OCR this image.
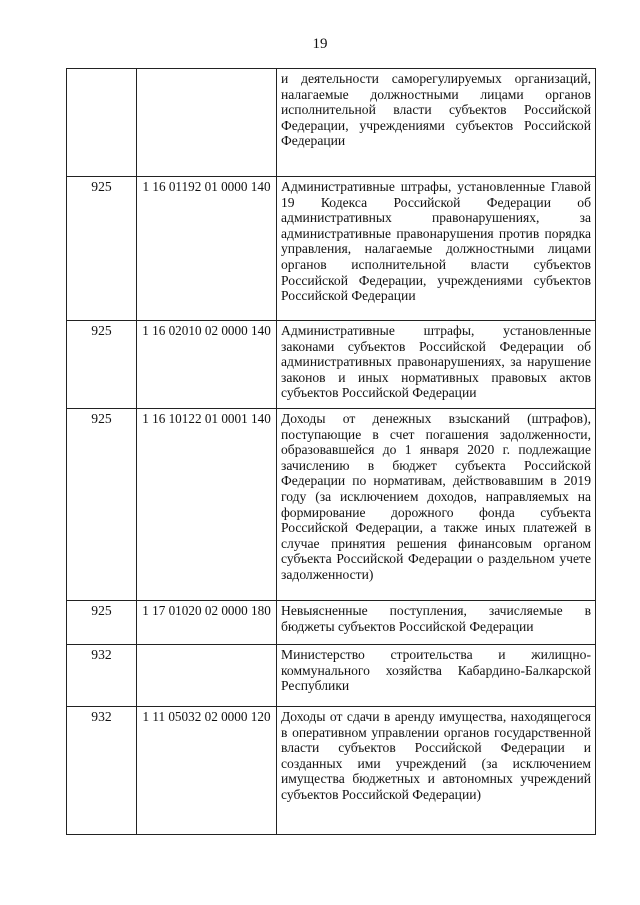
19
		и деятельности саморегулируемых организаций, налагаемые должностными лицами органов исполнительной власти субъектов Российской Федерации, учреждениями субъектов Российской Федерации
925	1 16 01192 01 0000 140	Административные штрафы, установленные Главой 19 Кодекса Российской Федерации об административных правонарушениях, за административные правонарушения против порядка управления, налагаемые должностными лицами органов исполнительной власти субъектов Российской Федерации, учреждениями субъектов Российской Федерации
925	1 16 02010 02 0000 140	Административные штрафы, установленные законами субъектов Российской Федерации об административных правонарушениях, за нарушение законов и иных нормативных правовых актов субъектов Российской Федерации
925	1 16 10122 01 0001 140	Доходы от денежных взысканий (штрафов), поступающие в счет погашения задолженности, образовавшейся до 1 января 2020 г. подлежащие зачислению в бюджет субъекта Российской Федерации по нормативам, действовавшим в 2019 году (за исключением доходов, направляемых на формирование дорожного фонда субъекта Российской Федерации, а также иных платежей в случае принятия решения финансовым органом субъекта Российской Федерации о раздельном учете задолженности)
925	1 17 01020 02 0000 180	Невыясненные поступления, зачисляемые в бюджеты субъектов Российской Федерации
932		Министерство строительства и жилищно-коммунального хозяйства Кабардино-Балкарской Республики
932	1 11 05032 02 0000 120	Доходы от сдачи в аренду имущества, находящегося в оперативном управлении органов государственной власти субъектов Российской Федерации и созданных ими учреждений (за исключением имущества бюджетных и автономных учреждений субъектов Российской Федерации)
